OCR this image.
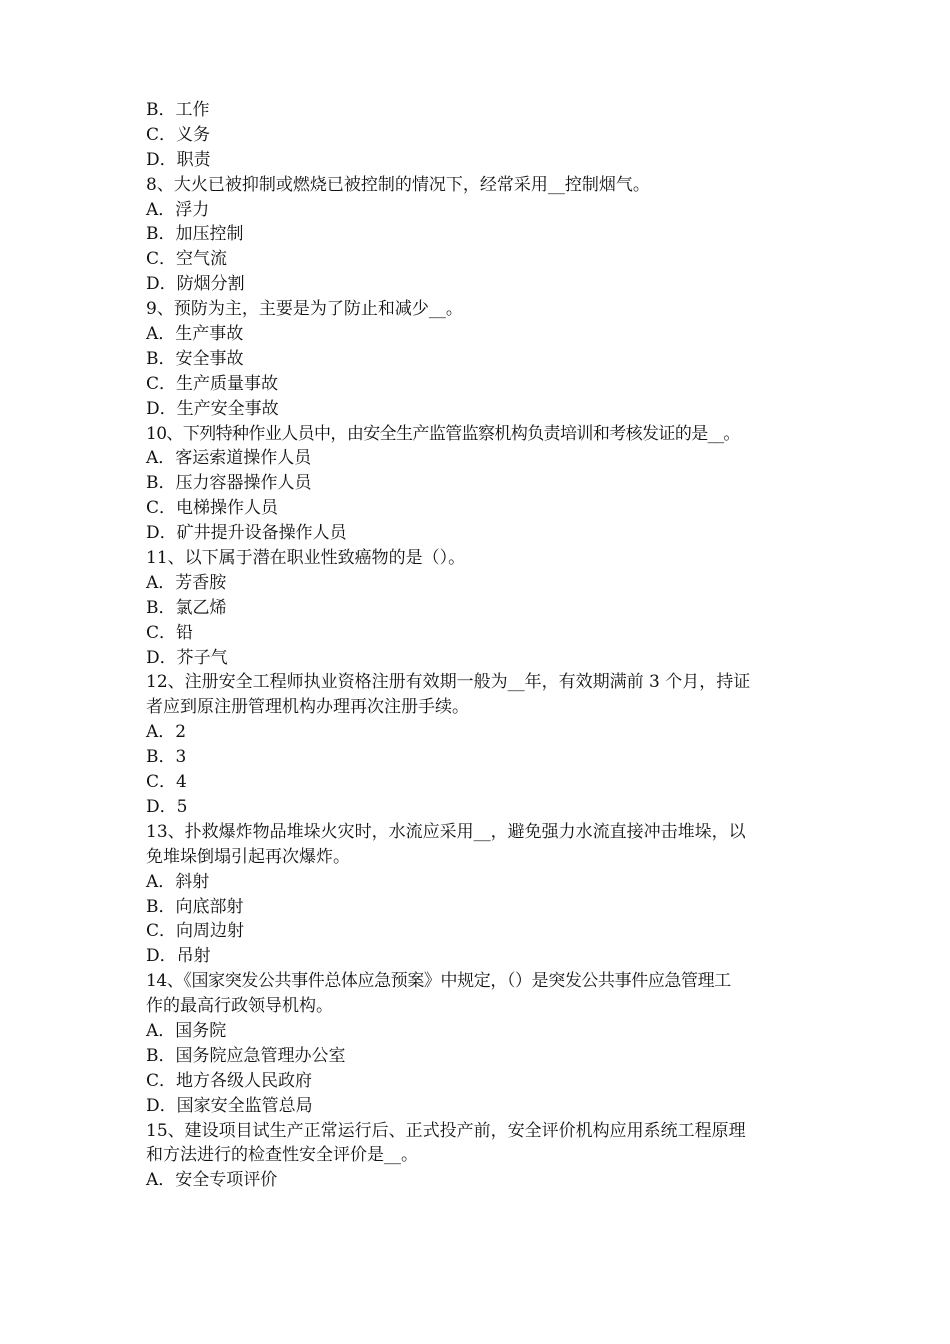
B．工作
C．义务
D．职责
8、大火已被抑制或燃烧已被控制的情况下，经常采用__控制烟气。
A．浮力
B．加压控制
C．空气流
D．防烟分割
9、预防为主，主要是为了防止和减少__。
A．生产事故
B．安全事故
C．生产质量事故
D．生产安全事故
10、下列特种作业人员中，由安全生产监管监察机构负责培训和考核发证的是__。
A．客运索道操作人员
B．压力容器操作人员
C．电梯操作人员
D．矿井提升设备操作人员
11、以下属于潜在职业性致癌物的是（）。
A．芳香胺
B．氯乙烯
C．铅
D．芥子气
12、注册安全工程师执业资格注册有效期一般为__年，有效期满前 3 个月，持证
者应到原注册管理机构办理再次注册手续。
A．2
B．3
C．4
D．5
13、扑救爆炸物品堆垛火灾时，水流应采用__，避免强力水流直接冲击堆垛，以
免堆垛倒塌引起再次爆炸。
A．斜射
B．向底部射
C．向周边射
D．吊射
14、《国家突发公共事件总体应急预案》中规定，（）是突发公共事件应急管理工
作的最高行政领导机构。
A．国务院
B．国务院应急管理办公室
C．地方各级人民政府
D．国家安全监管总局
15、建设项目试生产正常运行后、正式投产前，安全评价机构应用系统工程原理
和方法进行的检查性安全评价是__。
A．安全专项评价
